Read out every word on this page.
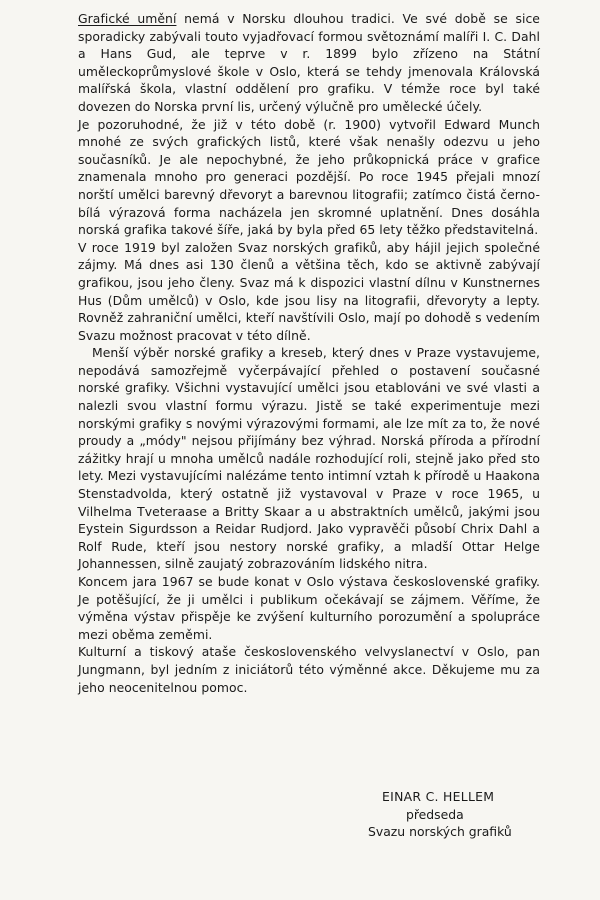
Grafické umění nemá v Norsku dlouhou tradici. Ve své době se sice sporadicky zabývali touto vyjadřovací formou světoznámí malíři I. C. Dahl a Hans Gud, ale teprve v r. 1899 bylo zřízeno na Státní uměleckoprůmyslové škole v Oslo, která se tehdy jmenovala Královská malířská škola, vlastní oddělení pro grafiku. V témže roce byl také dovezen do Norska první lis, určený výlučně pro umělecké účely.

Je pozoruhodné, že již v této době (r. 1900) vytvořil Edward Munch mnohé ze svých grafických listů, které však nenašly odezvu u jeho současníků. Je ale nepochybné, že jeho průkopnická práce v grafice znamenala mnoho pro generaci pozdější. Po roce 1945 přejali mnozí norští umělci barevný dřevoryt a barevnou litografii; zatímco čistá černo-bílá výrazová forma nacházela jen skromné uplatnění. Dnes dosáhla norská grafika takové šíře, jaká by byla před 65 lety těžko představitelná.

V roce 1919 byl založen Svaz norských grafiků, aby hájil jejich společné zájmy. Má dnes asi 130 členů a většina těch, kdo se aktivně zabývají grafikou, jsou jeho členy. Svaz má k dispozici vlastní dílnu v Kunstnernes Hus (Dům umělců) v Oslo, kde jsou lisy na litografii, dřevoryty a lepty. Rovněž zahraniční umělci, kteří navštívili Oslo, mají po dohodě s vedením Svazu možnost pracovat v této dílně.

Menší výběr norské grafiky a kreseb, který dnes v Praze vystavujeme, nepodává samozřejmě vyčerpávající přehled o postavení současné norské grafiky. Všichni vystavující umělci jsou etablováni ve své vlasti a nalezli svou vlastní formu výrazu. Jistě se také experimentuje mezi norskými grafiky s novými výrazovými formami, ale lze mít za to, že nové proudy a „módy" nejsou přijímány bez výhrad. Norská příroda a přírodní zážitky hrají u mnoha umělců nadále rozhodující roli, stejně jako před sto lety. Mezi vystavujícími nalézáme tento intimní vztah k přírodě u Haakona Stenstadvolda, který ostatně již vystavoval v Praze v roce 1965, u Vilhelma Tveteraase a Britty Skaar a u abstraktních umělců, jakými jsou Eystein Sigurdsson a Reidar Rudjord. Jako vypravěči působí Chrix Dahl a Rolf Rude, kteří jsou nestory norské grafiky, a mladší Ottar Helge Johannessen, silně zaujatý zobrazováním lidského nitra.

Koncem jara 1967 se bude konat v Oslo výstava československé grafiky. Je potěšující, že ji umělci i publikum očekávají se zájmem. Věříme, že výměna výstav přispěje ke zvýšení kulturního porozumění a spolupráce mezi oběma zeměmi.

Kulturní a tiskový ataše československého velvyslanectví v Oslo, pan Jungmann, byl jedním z iniciátorů této výměnné akce. Děkujeme mu za jeho neocenitelnou pomoc.

EINAR C. HELLEM
předseda
Svazu norských grafiků
